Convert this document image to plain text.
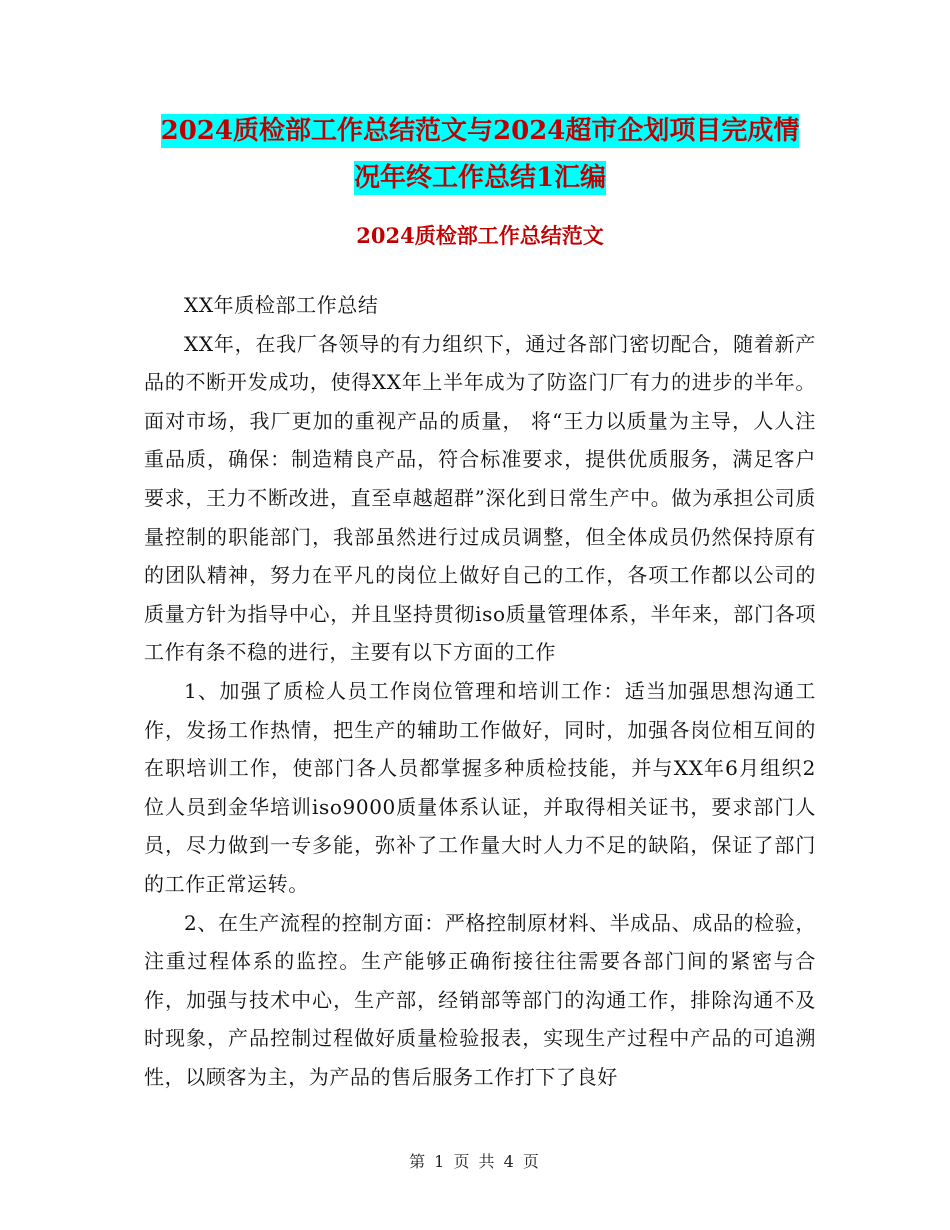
2024质检部工作总结范文与2024超市企划项目完成情
况年终工作总结1汇编
2024质检部工作总结范文

XX年质检部工作总结

XX年，在我厂各领导的有力组织下，通过各部门密切配合，随着新产品的不断开发成功，使得XX年上半年成为了防盗门厂有力的进步的半年。面对市场，我厂更加的重视产品的质量， 将“王力以质量为主导，人人注重品质，确保：制造精良产品，符合标准要求，提供优质服务，满足客户要求，王力不断改进，直至卓越超群”深化到日常生产中。做为承担公司质量控制的职能部门，我部虽然进行过成员调整，但全体成员仍然保持原有的团队精神，努力在平凡的岗位上做好自己的工作，各项工作都以公司的质量方针为指导中心，并且坚持贯彻iso质量管理体系，半年来，部门各项工作有条不稳的进行，主要有以下方面的工作

1、加强了质检人员工作岗位管理和培训工作：适当加强思想沟通工作，发扬工作热情，把生产的辅助工作做好，同时，加强各岗位相互间的在职培训工作，使部门各人员都掌握多种质检技能，并与XX年6月组织2位人员到金华培训iso9000质量体系认证，并取得相关证书，要求部门人员，尽力做到一专多能，弥补了工作量大时人力不足的缺陷，保证了部门的工作正常运转。

2、在生产流程的控制方面：严格控制原材料、半成品、成品的检验，注重过程体系的监控。生产能够正确衔接往往需要各部门间的紧密与合作，加强与技术中心，生产部，经销部等部门的沟通工作，排除沟通不及时现象，产品控制过程做好质量检验报表，实现生产过程中产品的可追溯性，以顾客为主，为产品的售后服务工作打下了良好

第 1 页 共 4 页
